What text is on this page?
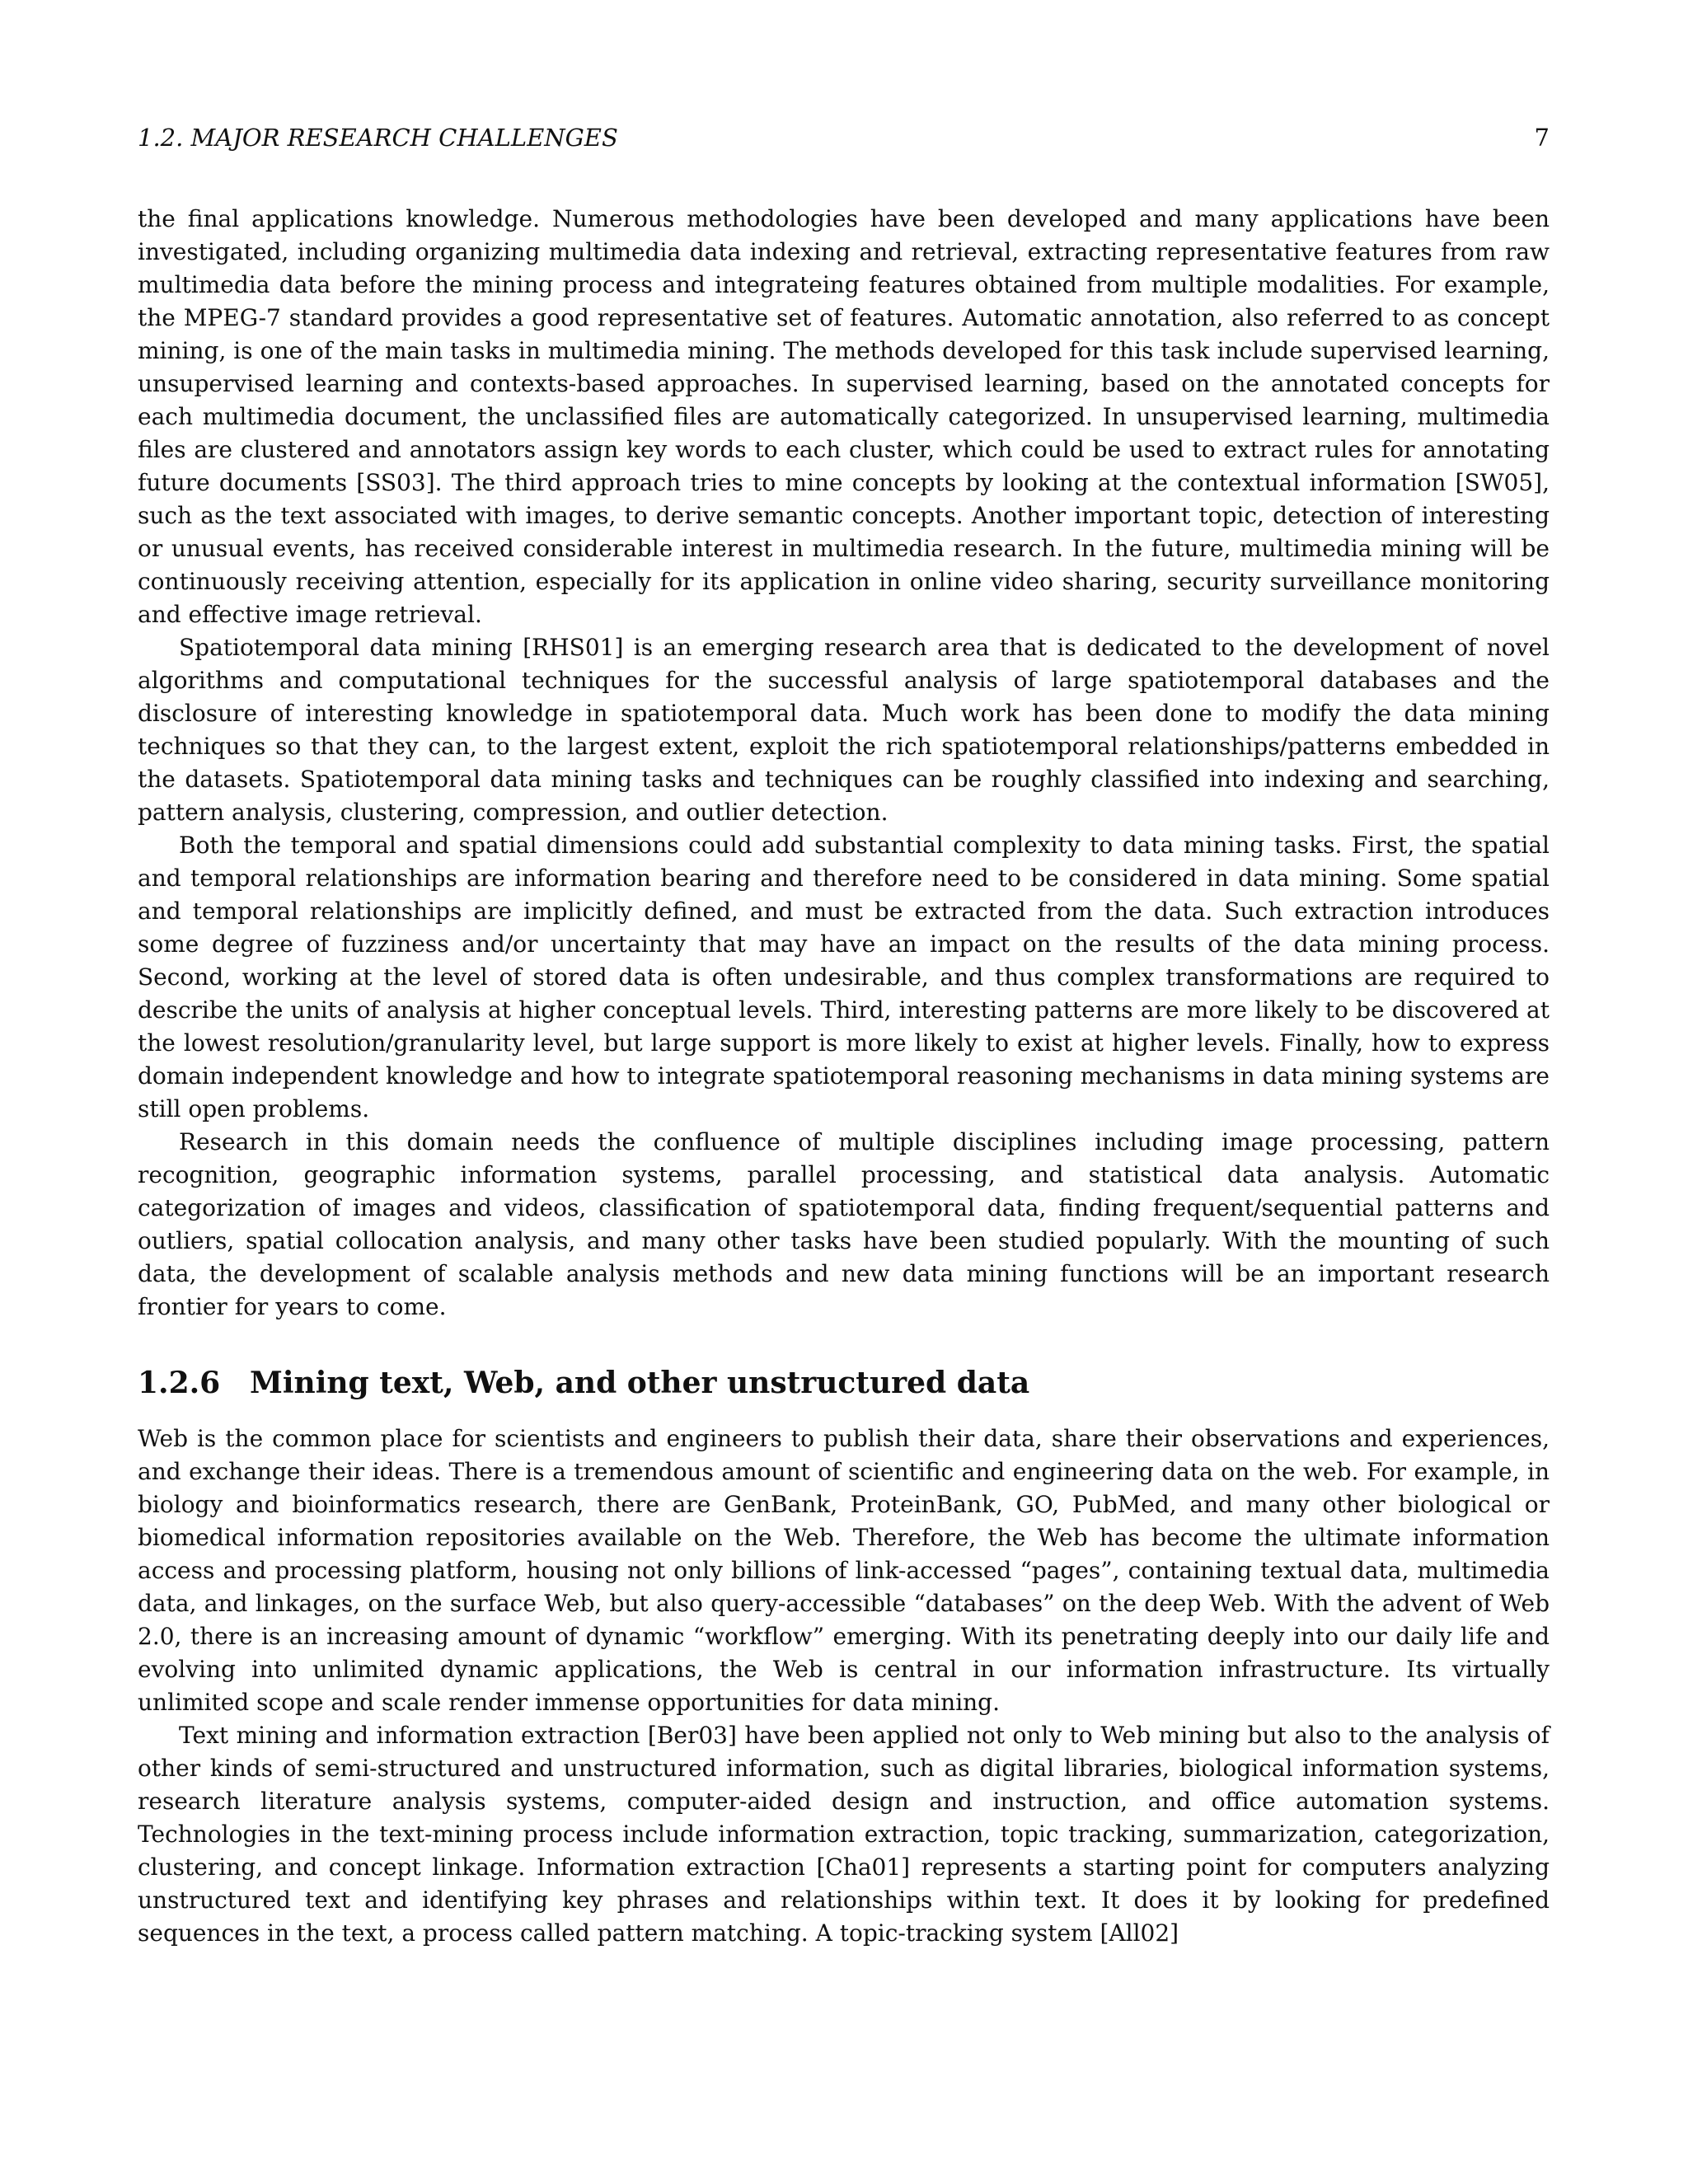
1.2. MAJOR RESEARCH CHALLENGES	7

the final applications knowledge. Numerous methodologies have been developed and many applications have been investigated, including organizing multimedia data indexing and retrieval, extracting representative features from raw multimedia data before the mining process and integrateing features obtained from multiple modalities. For example, the MPEG-7 standard provides a good representative set of features. Automatic annotation, also referred to as concept mining, is one of the main tasks in multimedia mining. The methods developed for this task include supervised learning, unsupervised learning and contexts-based approaches. In supervised learning, based on the annotated concepts for each multimedia document, the unclassified files are automatically categorized. In unsupervised learning, multimedia files are clustered and annotators assign key words to each cluster, which could be used to extract rules for annotating future documents [SS03]. The third approach tries to mine concepts by looking at the contextual information [SW05], such as the text associated with images, to derive semantic concepts. Another important topic, detection of interesting or unusual events, has received considerable interest in multimedia research. In the future, multimedia mining will be continuously receiving attention, especially for its application in online video sharing, security surveillance monitoring and effective image retrieval.

Spatiotemporal data mining [RHS01] is an emerging research area that is dedicated to the development of novel algorithms and computational techniques for the successful analysis of large spatiotemporal databases and the disclosure of interesting knowledge in spatiotemporal data. Much work has been done to modify the data mining techniques so that they can, to the largest extent, exploit the rich spatiotemporal relationships/patterns embedded in the datasets. Spatiotemporal data mining tasks and techniques can be roughly classified into indexing and searching, pattern analysis, clustering, compression, and outlier detection.

Both the temporal and spatial dimensions could add substantial complexity to data mining tasks. First, the spatial and temporal relationships are information bearing and therefore need to be considered in data mining. Some spatial and temporal relationships are implicitly defined, and must be extracted from the data. Such extraction introduces some degree of fuzziness and/or uncertainty that may have an impact on the results of the data mining process. Second, working at the level of stored data is often undesirable, and thus complex transformations are required to describe the units of analysis at higher conceptual levels. Third, interesting patterns are more likely to be discovered at the lowest resolution/granularity level, but large support is more likely to exist at higher levels. Finally, how to express domain independent knowledge and how to integrate spatiotemporal reasoning mechanisms in data mining systems are still open problems.

Research in this domain needs the confluence of multiple disciplines including image processing, pattern recognition, geographic information systems, parallel processing, and statistical data analysis. Automatic categorization of images and videos, classification of spatiotemporal data, finding frequent/sequential patterns and outliers, spatial collocation analysis, and many other tasks have been studied popularly. With the mounting of such data, the development of scalable analysis methods and new data mining functions will be an important research frontier for years to come.

1.2.6 Mining text, Web, and other unstructured data

Web is the common place for scientists and engineers to publish their data, share their observations and experiences, and exchange their ideas. There is a tremendous amount of scientific and engineering data on the web. For example, in biology and bioinformatics research, there are GenBank, ProteinBank, GO, PubMed, and many other biological or biomedical information repositories available on the Web. Therefore, the Web has become the ultimate information access and processing platform, housing not only billions of link-accessed “pages”, containing textual data, multimedia data, and linkages, on the surface Web, but also query-accessible “databases” on the deep Web. With the advent of Web 2.0, there is an increasing amount of dynamic “workflow” emerging. With its penetrating deeply into our daily life and evolving into unlimited dynamic applications, the Web is central in our information infrastructure. Its virtually unlimited scope and scale render immense opportunities for data mining.

Text mining and information extraction [Ber03] have been applied not only to Web mining but also to the analysis of other kinds of semi-structured and unstructured information, such as digital libraries, biological information systems, research literature analysis systems, computer-aided design and instruction, and office automation systems. Technologies in the text-mining process include information extraction, topic tracking, summarization, categorization, clustering, and concept linkage. Information extraction [Cha01] represents a starting point for computers analyzing unstructured text and identifying key phrases and relationships within text. It does it by looking for predefined sequences in the text, a process called pattern matching. A topic-tracking system [All02]
